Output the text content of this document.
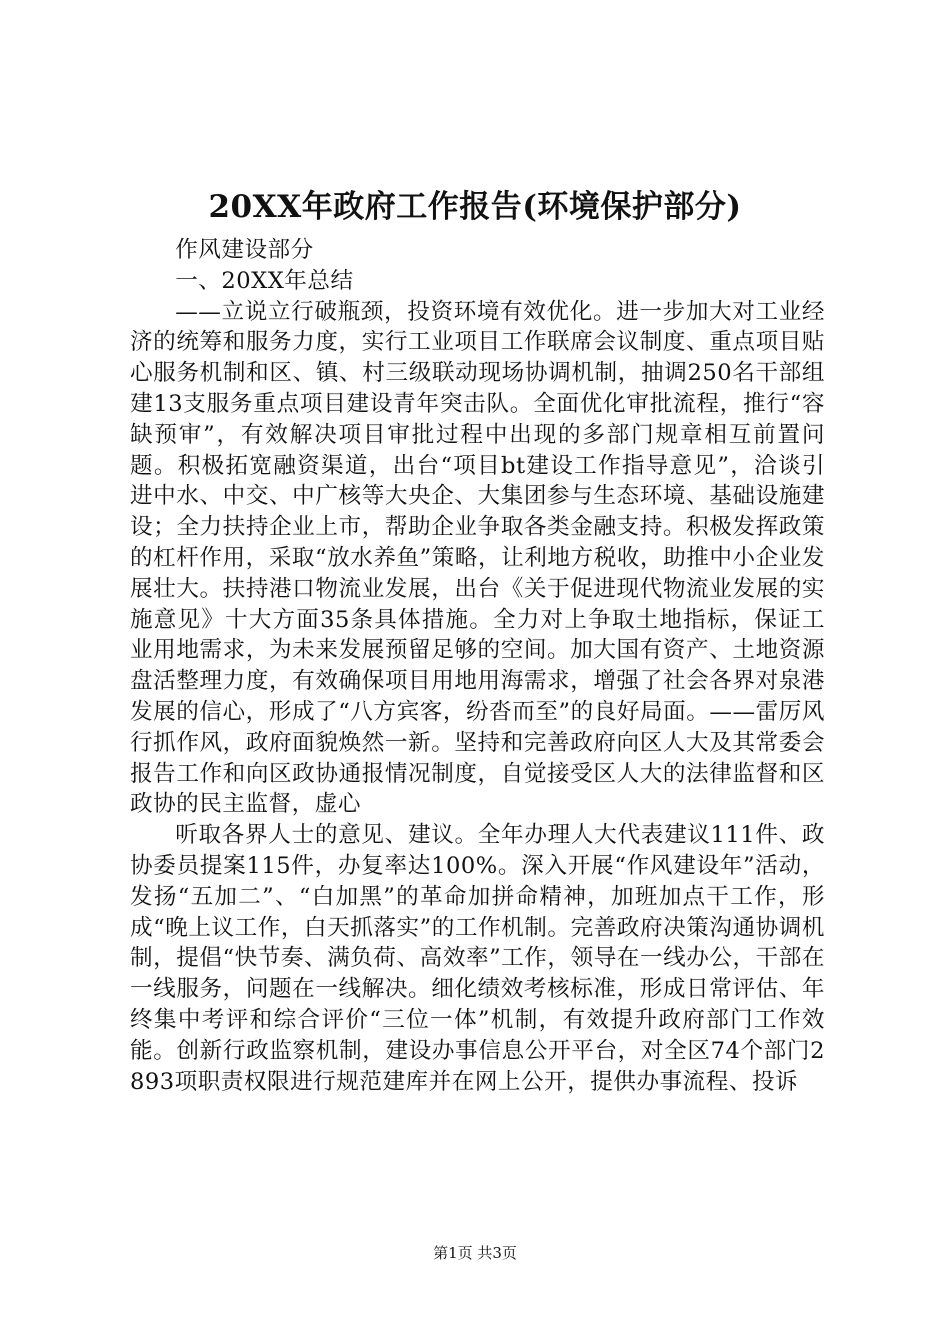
20XX年政府工作报告(环境保护部分)

作风建设部分

一、20XX年总结

——立说立行破瓶颈，投资环境有效优化。进一步加大对工业经济的统筹和服务力度，实行工业项目工作联席会议制度、重点项目贴心服务机制和区、镇、村三级联动现场协调机制，抽调250名干部组建13支服务重点项目建设青年突击队。全面优化审批流程，推行“容缺预审”，有效解决项目审批过程中出现的多部门规章相互前置问题。积极拓宽融资渠道，出台“项目bt建设工作指导意见”，洽谈引进中水、中交、中广核等大央企、大集团参与生态环境、基础设施建设；全力扶持企业上市，帮助企业争取各类金融支持。积极发挥政策的杠杆作用，采取“放水养鱼”策略，让利地方税收，助推中小企业发展壮大。扶持港口物流业发展，出台《关于促进现代物流业发展的实施意见》十大方面35条具体措施。全力对上争取土地指标，保证工业用地需求，为未来发展预留足够的空间。加大国有资产、土地资源盘活整理力度，有效确保项目用地用海需求，增强了社会各界对泉港发展的信心，形成了“八方宾客，纷沓而至”的良好局面。——雷厉风行抓作风，政府面貌焕然一新。坚持和完善政府向区人大及其常委会报告工作和向区政协通报情况制度，自觉接受区人大的法律监督和区政协的民主监督，虚心

听取各界人士的意见、建议。全年办理人大代表建议111件、政协委员提案115件，办复率达100%。深入开展“作风建设年”活动，发扬“五加二”、“白加黑”的革命加拼命精神，加班加点干工作，形成“晚上议工作，白天抓落实”的工作机制。完善政府决策沟通协调机制，提倡“快节奏、满负荷、高效率”工作，领导在一线办公，干部在一线服务，问题在一线解决。细化绩效考核标准，形成日常评估、年终集中考评和综合评价“三位一体”机制，有效提升政府部门工作效能。创新行政监察机制，建设办事信息公开平台，对全区74个部门2893项职责权限进行规范建库并在网上公开，提供办事流程、投诉

第1页 共3页
